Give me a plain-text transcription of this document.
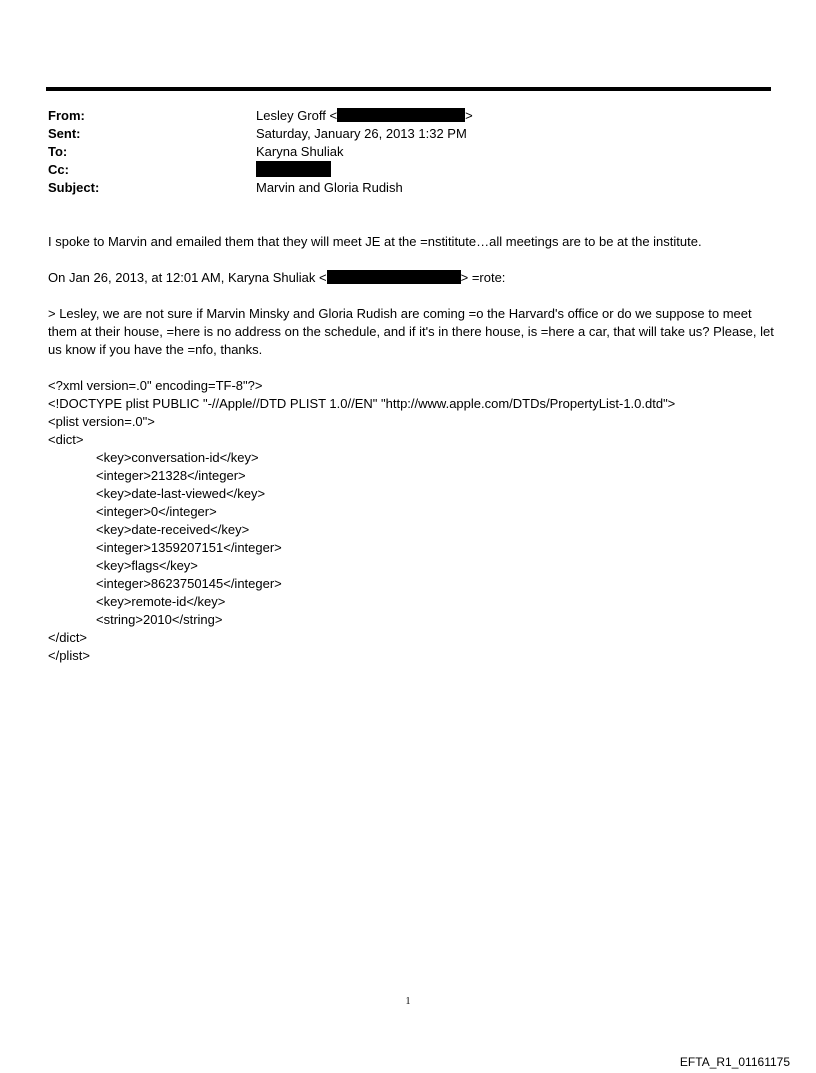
From:	Lesley Groff <	>
Sent:	Saturday, January 26, 2013 1:32 PM
To:	Karyna Shuliak
Cc:
Subject:	Marvin and Gloria Rudish
I spoke to Marvin and emailed them that they will meet JE at the =nstititute…all meetings are to be at the institute.
On Jan 26, 2013, at 12:01 AM, Karyna Shuliak <	> =rote:
> Lesley, we are not sure if Marvin Minsky and Gloria Rudish are coming =o the Harvard's office or do we suppose to meet them at their house, =here is no address on the schedule, and if it's in there house, is =here a car, that will take us? Please, let us know if you have the =nfo, thanks.
<?xml version=.0" encoding=TF-8"?>
<!DOCTYPE plist PUBLIC "-//Apple//DTD PLIST 1.0//EN" "http://www.apple.com/DTDs/PropertyList-1.0.dtd">
<plist version=.0">
<dict>
<key>conversation-id</key>
<integer>21328</integer>
<key>date-last-viewed</key>
<integer>0</integer>
<key>date-received</key>
<integer>1359207151</integer>
<key>flags</key>
<integer>8623750145</integer>
<key>remote-id</key>
<string>2010</string>
</dict>
</plist>
1
EFTA_R1_01161175
